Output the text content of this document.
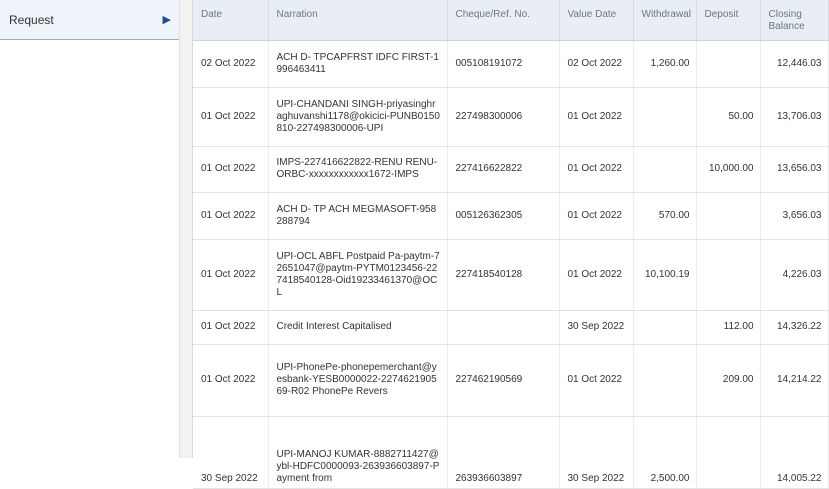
Request	▶	Date	Narration	Cheque/Ref. No.	Value Date	Withdrawal	Deposit	Closing Balance
02 Oct 2022	ACH D- TPCAPFRST IDFC FIRST-1996463411	005108191072	02 Oct 2022	1,260.00		12,446.03
01 Oct 2022	UPI-CHANDANI SINGH-priyasinghraghuvanshi1178@okicici-PUNB0150810-227498300006-UPI	227498300006	01 Oct 2022		50.00	13,706.03
01 Oct 2022	IMPS-227416622822-RENU RENU-ORBC-xxxxxxxxxxxx1672-IMPS	227416622822	01 Oct 2022		10,000.00	13,656.03
01 Oct 2022	ACH D- TP ACH MEGMASOFT-958288794	005126362305	01 Oct 2022	570.00		3,656.03
01 Oct 2022	UPI-OCL ABFL Postpaid Pa-paytm-72651047@paytm-PYTM0123456-227418540128-Oid19233461370@OCL	227418540128	01 Oct 2022	10,100.19		4,226.03
01 Oct 2022	Credit Interest Capitalised		30 Sep 2022		112.00	14,326.22
01 Oct 2022	UPI-PhonePe-phonepemerchant@yesbank-YESB0000022-227462190569-R02 PhonePe Revers	227462190569	01 Oct 2022		209.00	14,214.22
30 Sep 2022	UPI-MANOJ KUMAR-8882711427@ybl-HDFC0000093-263936603897-Payment from	263936603897	30 Sep 2022	2,500.00		14,005.22
